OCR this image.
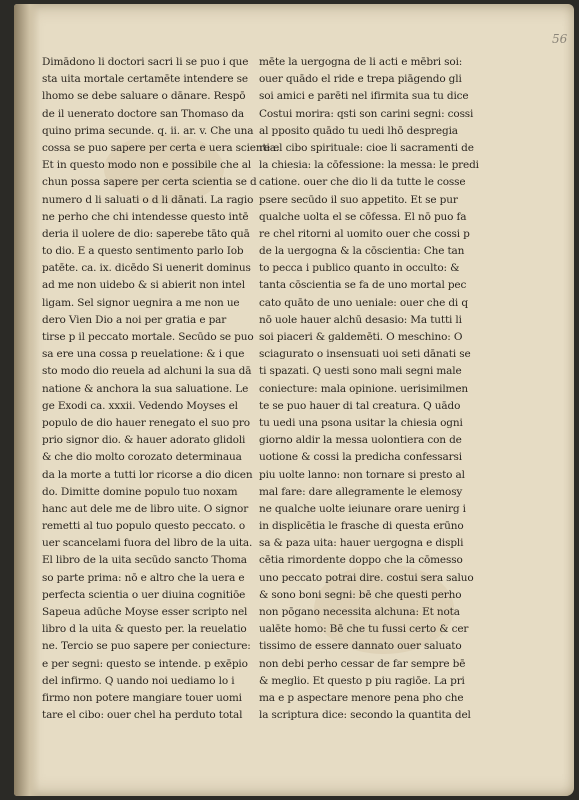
56
Dimādono li doctori sacri li se puo i que
sta uita mortale certamēte intendere se
lhomo se debe saluare o dānare. Respō
de il uenerato doctore san Thomaso da
quino prima secunde. q. ii. ar. v. Che una
cossa se puo sapere per certa e uera scientia.
Et in questo modo non e possibile che al
chun possa sapere per certa scientia se d
numero d li saluati o d li dānati. La ragio
ne perho che chi intendesse questo intē
deria il uolere de dio: saperebe tāto quā
to dio. E a questo sentimento parlo Iob
patēte. ca. ix. dicēdo Si uenerit dominus
ad me non uidebo & si abierit non intel
ligam. Sel signor uegnira a me non ue
dero Vien Dio a noi per gratia e par
tirse p il peccato mortale. Secūdo se puo
sa ere una cossa p reuelatione: & i que
sto modo dio reuela ad alchuni la sua dā
natione & anchora la sua saluatione. Le
ge Exodi ca. xxxii. Vedendo Moyses el
populo de dio hauer renegato el suo pro
prio signor dio. & hauer adorato glidoli
& che dio molto corozato determinaua
da la morte a tutti lor ricorse a dio dicen
do. Dimitte domine populo tuo noxam
hanc aut dele me de libro uite. O signor
remetti al tuo populo questo peccato. o
uer scancelami fuora del libro de la uita.
El libro de la uita secūdo sancto Thoma
so parte prima: nō e altro che la uera e
perfecta scientia o uer diuina cognitiōe
Sapeua adūche Moyse esser scripto nel
libro d la uita & questo per. la reuelatio
ne. Tercio se puo sapere per coniecture:
e per segni: questo se intende. p exēpio
del infirmo. Q uando noi uediamo lo i
firmo non potere mangiare touer uomi
tare el cibo: ouer chel ha perduto total
mēte la uergogna de li acti e mēbri soi:
ouer quādo el ride e trepa piāgendo gli
soi amici e parēti nel ifirmita sua tu dice
Costui morira: qsti son carini segni: cossi
al pposito quādo tu uedi lhō despregia
re el cibo spirituale: cioe li sacramenti de
la chiesia: la cōfessione: la messa: le predi
catione. ouer che dio li da tutte le cosse
psere secūdo il suo appetito. Et se pur
qualche uolta el se cōfessa. El nō puo fa
re chel ritorni al uomito ouer che cossi p
de la uergogna & la cōscientia: Che tan
to pecca i publico quanto in occulto: &
tanta cōscientia se fa de uno mortal pec
cato quāto de uno ueniale: ouer che di q
nō uole hauer alchū desasio: Ma tutti li
soi piaceri & galdemēti. O meschino: O
sciagurato o insensuati uoi seti dānati se
ti spazati. Q uesti sono mali segni male
coniecture: mala opinione. uerisimilmen
te se puo hauer di tal creatura. Q uādo
tu uedi una psona usitar la chiesia ogni
giorno aldir la messa uolontiera con de
uotione & cossi la predicha confessarsi
piu uolte lanno: non tornare si presto al
mal fare: dare allegramente le elemosy
ne qualche uolte ieiunare orare uenirg i
in displicētia le frasche di questa erūno
sa & paza uita: hauer uergogna e displi
cētia rimordente doppo che la cōmesso
uno peccato potrai dire. costui sera saluo
& sono boni segni: bē che questi perho
non pōgano necessita alchuna: Et nota
ualēte homo: Bē che tu fussi certo & cer
tissimo de essere dannato ouer saluato
non debi perho cessar de far sempre bē
& meglio. Et questo p piu ragiōe. La pri
ma e p aspectare menore pena pho che
la scriptura dice: secondo la quantita del
